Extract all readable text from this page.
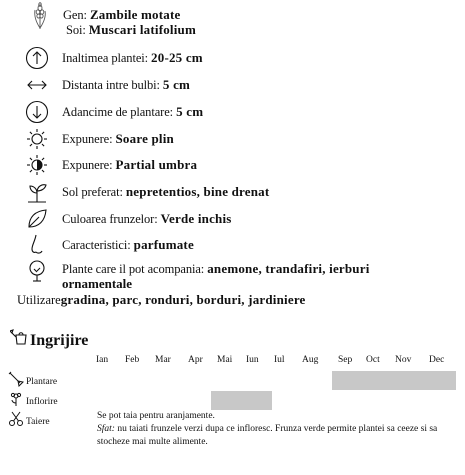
Gen: Zambile motate
Soi: Muscari latifolium
Inaltimea plantei: 20-25 cm
Distanta intre bulbi: 5 cm
Adancime de plantare: 5 cm
Expunere: Soare plin
Expunere: Partial umbra
Sol preferat: nepretentios, bine drenat
Culoarea frunzelor: Verde inchis
Caracteristici: parfumate
Plante care il pot acompania: anemone, trandafiri, ierburi
ornamentale
Utilizaregradina, parc, ronduri, borduri, jardiniere
Ingrijire
Ian Feb Mar Apr Mai Iun Iul Aug Sep Oct Nov Dec
Plantare
Inflorire
Taiere
Se pot taia pentru aranjamente.
Sfat: nu taiati frunzele verzi dupa ce infloresc. Frunza verde permite plantei sa ceeze si sa stocheze mai multe alimente.
